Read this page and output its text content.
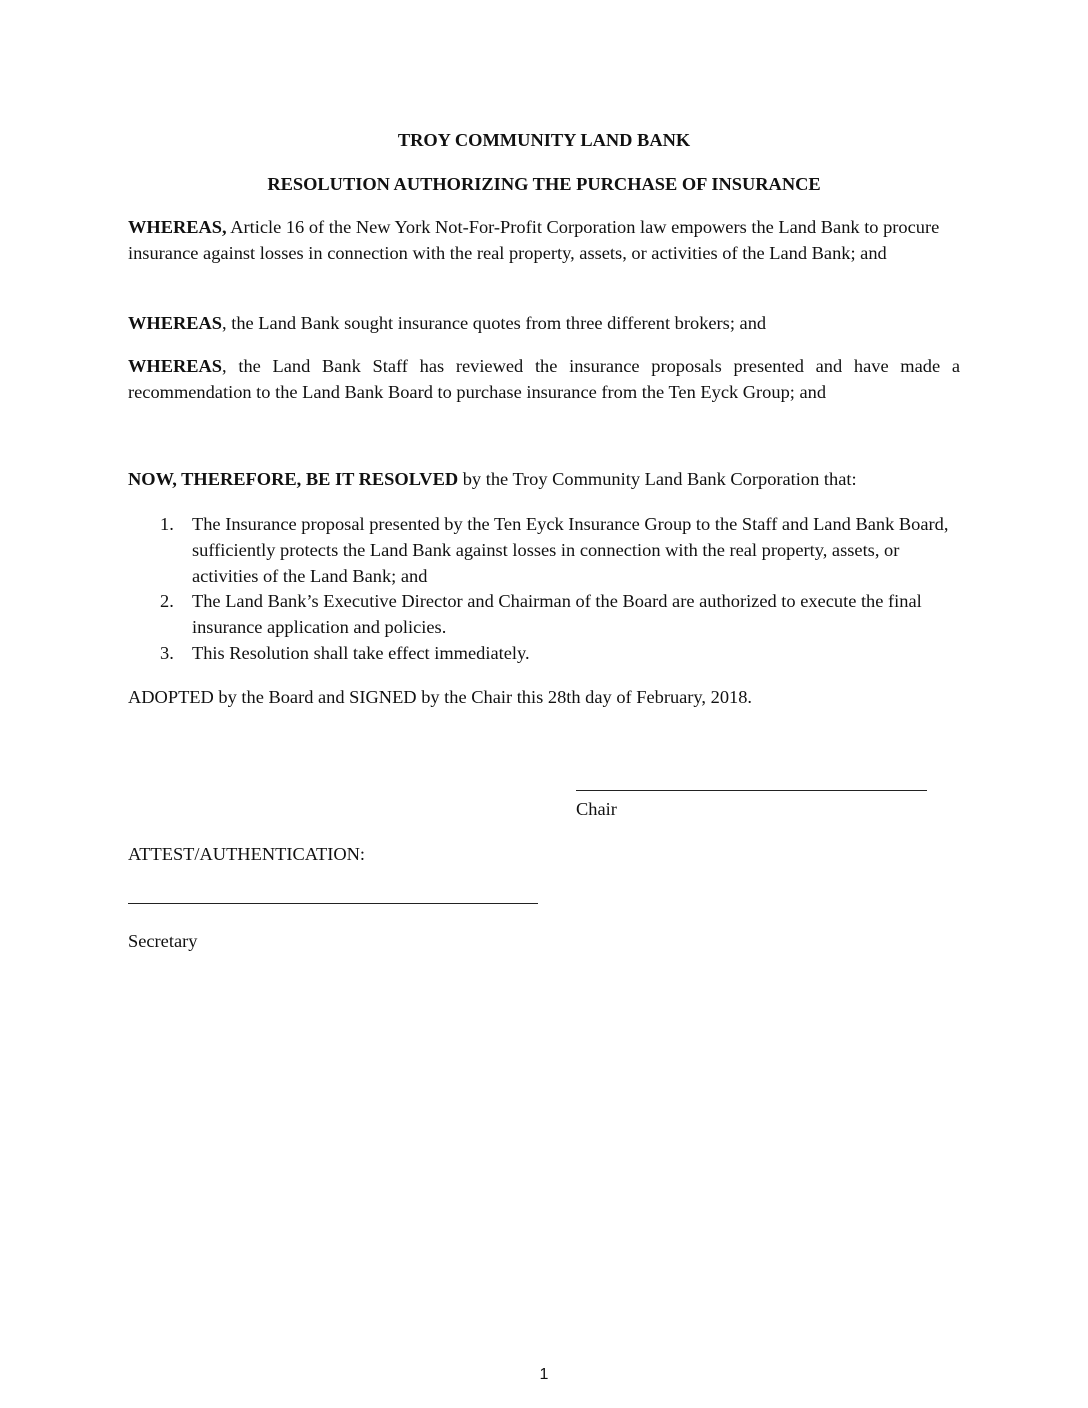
TROY COMMUNITY LAND BANK
RESOLUTION AUTHORIZING THE PURCHASE OF INSURANCE
WHEREAS, Article 16 of the New York Not-For-Profit Corporation law empowers the Land Bank to procure insurance against losses in connection with the real property, assets, or activities of the Land Bank; and
WHEREAS, the Land Bank sought insurance quotes from three different brokers; and
WHEREAS, the Land Bank Staff has reviewed the insurance proposals presented and have made a recommendation to the Land Bank Board to purchase insurance from the Ten Eyck Group; and
NOW, THEREFORE, BE IT RESOLVED by the Troy Community Land Bank Corporation that:
1. The Insurance proposal presented by the Ten Eyck Insurance Group to the Staff and Land Bank Board, sufficiently protects the Land Bank against losses in connection with the real property, assets, or activities of the Land Bank; and
2. The Land Bank’s Executive Director and Chairman of the Board are authorized to execute the final insurance application and policies.
3. This Resolution shall take effect immediately.
ADOPTED by the Board and SIGNED by the Chair this 28th day of February, 2018.
Chair
ATTEST/AUTHENTICATION:
Secretary
1
